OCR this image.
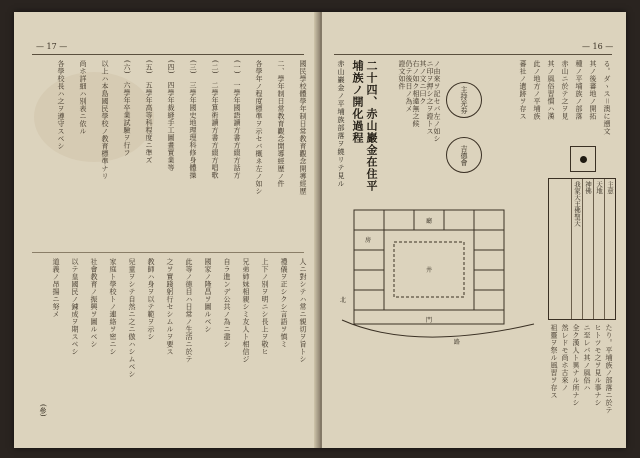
— 17 —
國民學校體學年制日常教育觀念開導經歷
二、學年制日常教育觀念開導經歷ノ件
各學年ノ程度標準ヲ示セバ概ネ左ノ如シ
(一)　一學年國語讀方書方綴方話方
(二)　二學年算術讀方書方綴方唱歌
(三)　三學年國史地理理科修身體操
(四)　四學年裁縫手工圖畫實業等
(五)　五學年高等科程度ニ準ズ
(六)　六學年卒業試驗ヲ行フ
以上ハ本島國民學校ノ教育標準ナリ
尚ホ詳細ハ別表ニ依ル
各學校長ハ之ヲ遵守スベシ
人ニ對シテハ常ニ親切ヲ旨トシ
禮儀ヲ正シクシ言語ヲ慎ミ
上下ノ別ヲ明ニシ長上ヲ敬ヒ
兄弟姉妹相親シミ友人ト相信ジ
自ラ進ンデ公共ノ為ニ盡シ
國家ノ隆昌ヲ圖ルベシ
此等ノ徳目ハ日常ノ生活ニ於テ
之ヲ實踐躬行セシムルヲ要ス
教師ハ身ヲ以テ範ヲ示シ
兒童ヲシテ自然ニ之ニ倣ハシムベシ
家庭ト學校トノ連絡ヲ密ニシ
社會教育ノ振興ヲ圖ルベシ
以テ皇國民ノ錬成ヲ期スベシ
道義ノ昂揚ニ努メ
(參)
— 16 —
る。ダヽス＝澳に遡文
其ノ後蕃地ノ開拓
種ノ平埔族ノ部落
赤山ニ於テ之ヲ見
其ノ風俗習慣ハ漢
此ノ地方ノ平埔族
蕃社ノ遺跡ヲ存ス
主持光券
吉德會
ノ由來ヲ記セバ左ノ如シ
ニ印ヲ押シ之ヲ證トス
其ノ文ニ曰ク
右ノ如ク相違無之候
仍テ後日ノ為メ
證文如件
二十四、赤山巖金在住平埔族ノ開化過程
赤山巖金ノ平埔族部落ヲ繞リテ見ル	主意
天地
神佛
我家天王佛聖天
門
路
井
廳
房
北
たり。平埔族ノ部落ニ於テ
ヒトツモ之ヲ見ル事ナシ
ニ至レバ其ノ風俗ハ
全ク漢人ト異ナル所ナシ
然レドモ尚ホ古來ノ
祖靈ヲ祭ル風習ヲ存ス
